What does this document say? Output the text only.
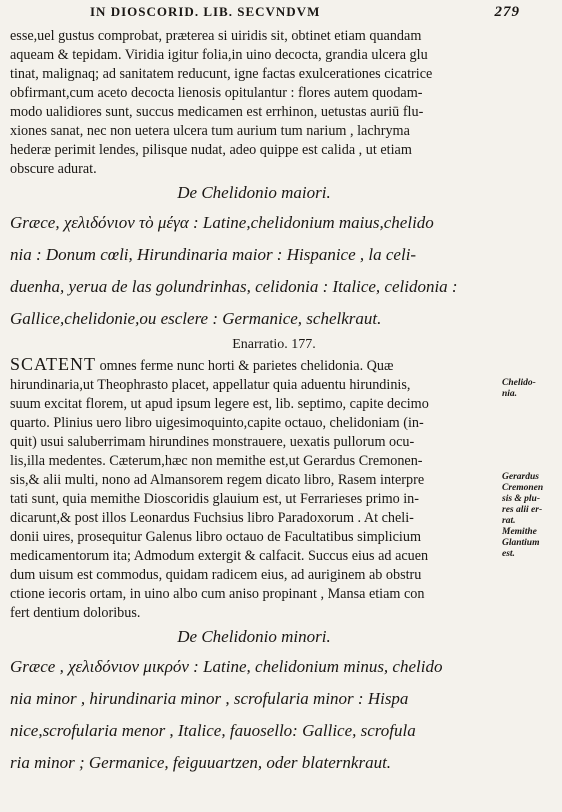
IN DIOSCORID. LIB. SECVNDVM	279
esse,uel gustus comprobat, præterea si uiridis sit, obtinet etiam quandam
aqueam & tepidam. Viridia igitur folia,in uino decocta, grandia ulcera glu
tinat, malignaq; ad sanitatem reducunt, igne factas exulcerationes cicatrice
obfirmant,cum aceto decocta lienosis opitulantur : flores autem quodam-
modo ualidiores sunt, succus medicamen est errhinon, uetustas auriū flu-
xiones sanat, nec non uetera ulcera tum aurium tum narium , lachryma
hederæ perimit lendes, pilisque nudat, adeo quippe est calida , ut etiam
obscure adurat.
De Chelidonio maiori.
Græce, χελιδόνιον τὸ μέγα : Latine,chelidonium maius,chelido
nia : Donum cœli, Hirundinaria maior : Hispanice , la celi-
duenha, yerua de las golundrinhas, celidonia : Italice, celidonia :
Gallice,chelidonie,ou esclere : Germanice, schelkraut.
Enarratio. 177.
SCATENT omnes ferme nunc horti & parietes chelidonia. Quæ
hirundinaria,ut Theophrasto placet, appellatur quia aduentu hirundinis,
suum excitat florem, ut apud ipsum legere est, lib. septimo, capite decimo
quarto. Plinius uero libro uigesimoquinto,capite octauo, chelidoniam (in-
quit) usui saluberrimam hirundines monstrauere, uexatis pullorum ocu-
lis,illa medentes. Cæterum,hæc non memithe est,ut Gerardus Cremonen-
sis,& alii multi, nono ad Almansorem regem dicato libro, Rasem interpre
tati sunt, quia memithe Dioscoridis glauium est, ut Ferrarieses primo in-
dicarunt,& post illos Leonardus Fuchsius libro Paradoxorum . At cheli-
donii uires, prosequitur Galenus libro octauo de Facultatibus simplicium
medicamentorum ita; Admodum extergit & calfacit. Succus eius ad acuen
dum uisum est commodus, quidam radicem eius, ad auriginem ab obstru
ctione iecoris ortam, in uino albo cum aniso propinant , Mansa etiam con
fert dentium doloribus.
De Chelidonio minori.
Græce , χελιδόνιον μικρόν : Latine, chelidonium minus, chelido
nia minor , hirundinaria minor , scrofularia minor : Hispa
nice,scrofularia menor , Italice, fauosello: Gallice, scrofula
ria minor ; Germanice, feiguuartzen, oder blaternkraut.
Chelido-
nia.
Gerardus
Cremonen
sis & plu-
res alii er-
rat.
Memithe
Glantium
est.
